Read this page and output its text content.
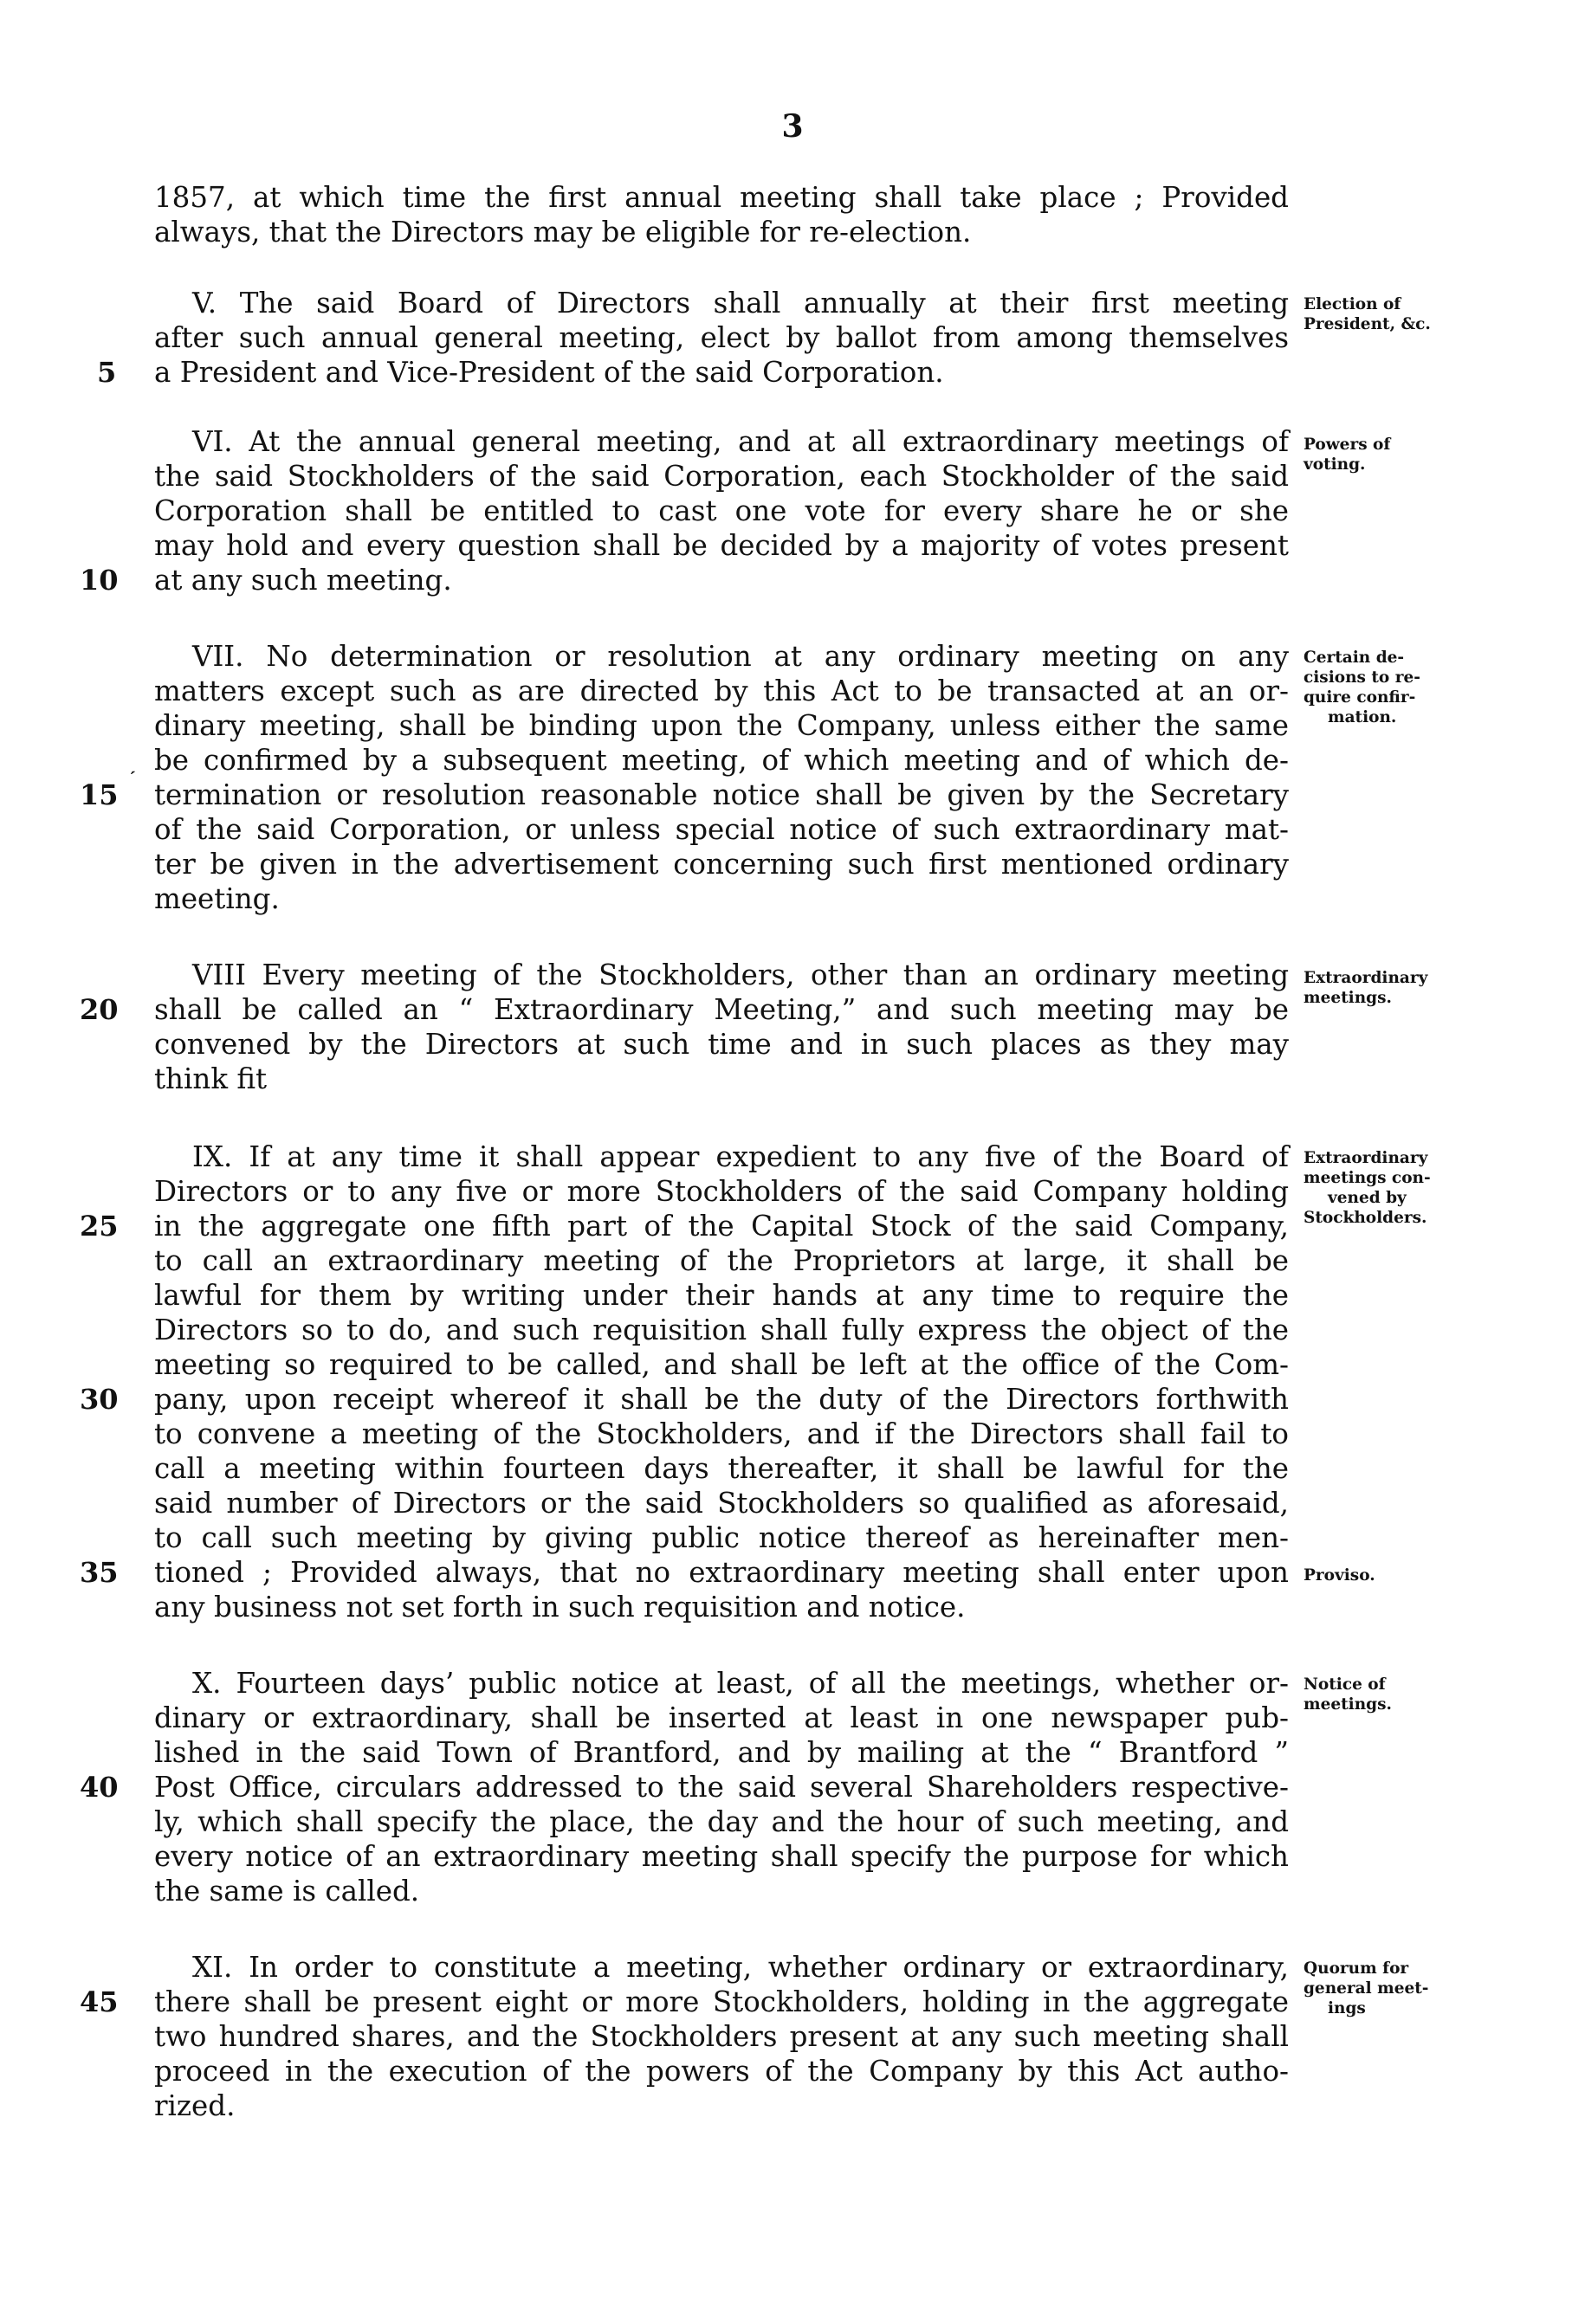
3
1857, at which time the first annual meeting shall take place ; Provided
always, that the Directors may be eligible for re-election.
V. The said Board of Directors shall annually at their first meeting
after such annual general meeting, elect by ballot from among themselves
a President and Vice-President of the said Corporation.
VI. At the annual general meeting, and at all extraordinary meetings of
the said Stockholders of the said Corporation, each Stockholder of the said
Corporation shall be entitled to cast one vote for every share he or she
may hold and every question shall be decided by a majority of votes present
at any such meeting.
VII. No determination or resolution at any ordinary meeting on any
matters except such as are directed by this Act to be transacted at an or-
dinary meeting, shall be binding upon the Company, unless either the same
be confirmed by a subsequent meeting, of which meeting and of which de-
termination or resolution reasonable notice shall be given by the Secretary
of the said Corporation, or unless special notice of such extraordinary mat-
ter be given in the advertisement concerning such first mentioned ordinary
meeting.
VIII Every meeting of the Stockholders, other than an ordinary meeting
shall be called an “ Extraordinary Meeting,” and such meeting may be
convened by the Directors at such time and in such places as they may
think fit
IX. If at any time it shall appear expedient to any five of the Board of
Directors or to any five or more Stockholders of the said Company holding
in the aggregate one fifth part of the Capital Stock of the said Company,
to call an extraordinary meeting of the Proprietors at large, it shall be
lawful for them by writing under their hands at any time to require the
Directors so to do, and such requisition shall fully express the object of the
meeting so required to be called, and shall be left at the office of the Com-
pany, upon receipt whereof it shall be the duty of the Directors forthwith
to convene a meeting of the Stockholders, and if the Directors shall fail to
call a meeting within fourteen days thereafter, it shall be lawful for the
said number of Directors or the said Stockholders so qualified as aforesaid,
to call such meeting by giving public notice thereof as hereinafter men-
tioned ; Provided always, that no extraordinary meeting shall enter upon
any business not set forth in such requisition and notice.
X. Fourteen days’ public notice at least, of all the meetings, whether or-
dinary or extraordinary, shall be inserted at least in one newspaper pub-
lished in the said Town of Brantford, and by mailing at the “ Brantford ”
Post Office, circulars addressed to the said several Shareholders respective-
ly, which shall specify the place, the day and the hour of such meeting, and
every notice of an extraordinary meeting shall specify the purpose for which
the same is called.
XI. In order to constitute a meeting, whether ordinary or extraordinary,
there shall be present eight or more Stockholders, holding in the aggregate
two hundred shares, and the Stockholders present at any such meeting shall
proceed in the execution of the powers of the Company by this Act autho-
rized.
5
10
15
20
25
30
35
40
45
ˏ
Election of
President, &c.
Powers of
voting.
Certain de-
cisions to re-
quire confir-
mation.
Extraordinary
meetings.
Extraordinary
meetings con-
vened by
Stockholders.
Proviso.
Notice of
meetings.
Quorum for
general meet-
ings
